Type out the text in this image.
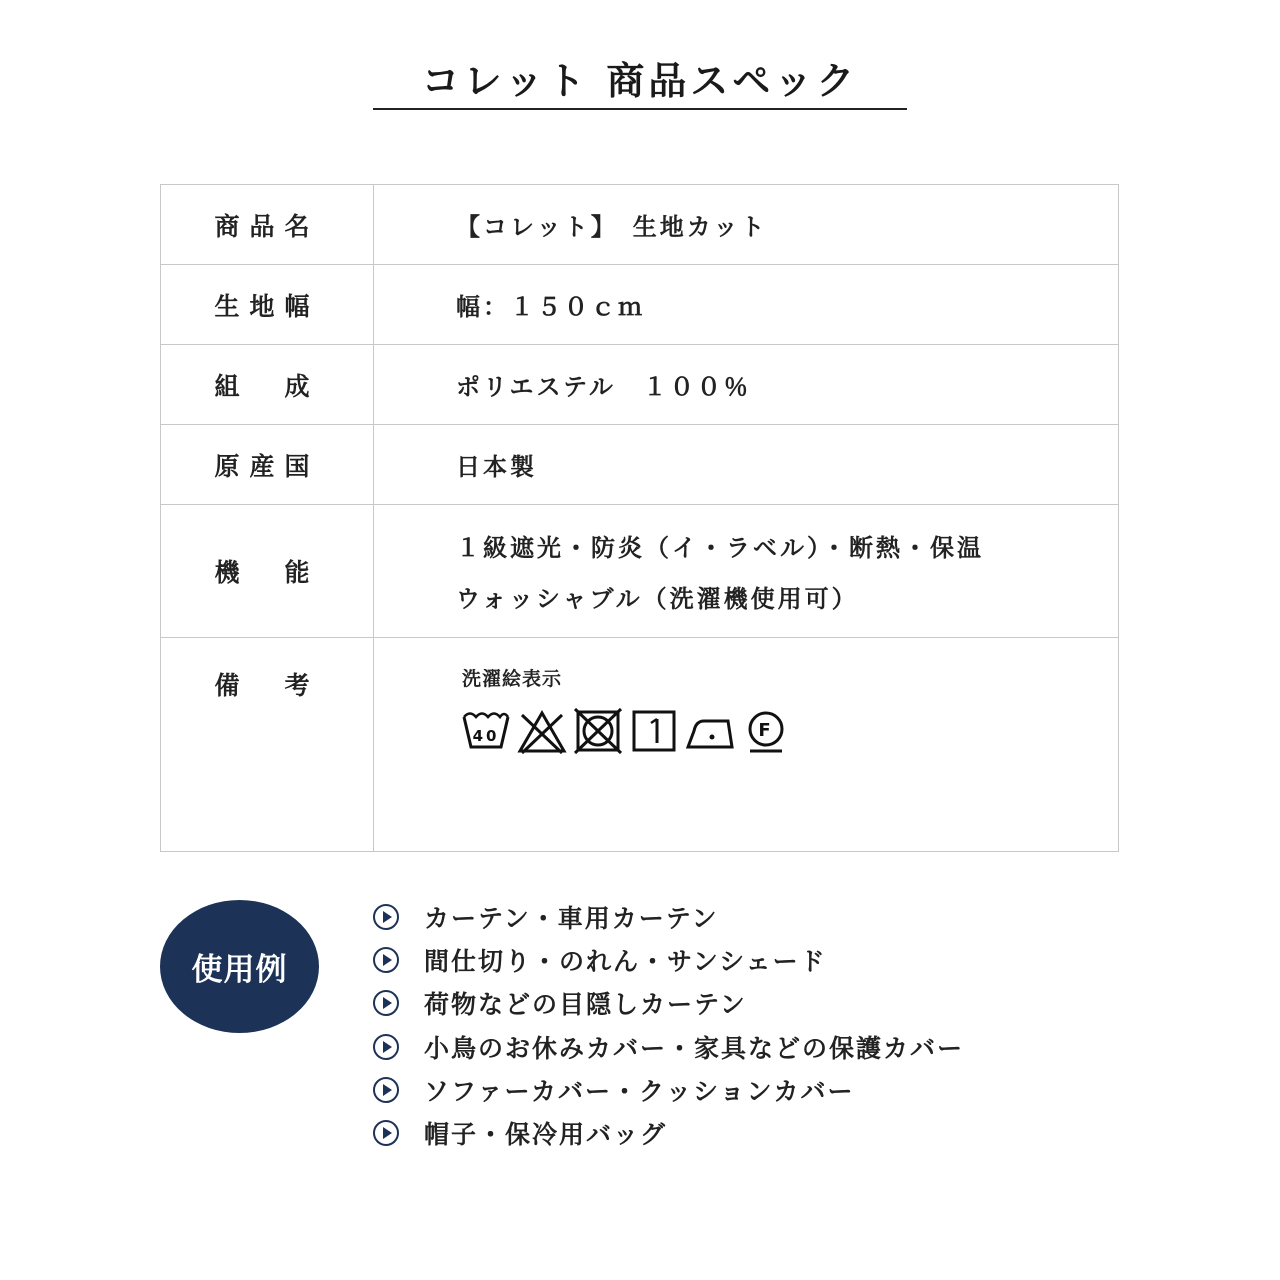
コレット 商品スペック
商品名	【コレット】　生地カット
生地幅	幅：１５０ｃｍ
組　成	ポリエステル　１００％
原産国	日本製
機　能	１級遮光・防炎（イ・ラベル）・断熱・保温
ウォッシャブル（洗濯機使用可）

備　考	洗濯絵表示
40 F
使用例
カーテン・車用カーテン
間仕切り・のれん・サンシェード
荷物などの目隠しカーテン
小鳥のお休みカバー・家具などの保護カバー
ソファーカバー・クッションカバー
帽子・保冷用バッグ
